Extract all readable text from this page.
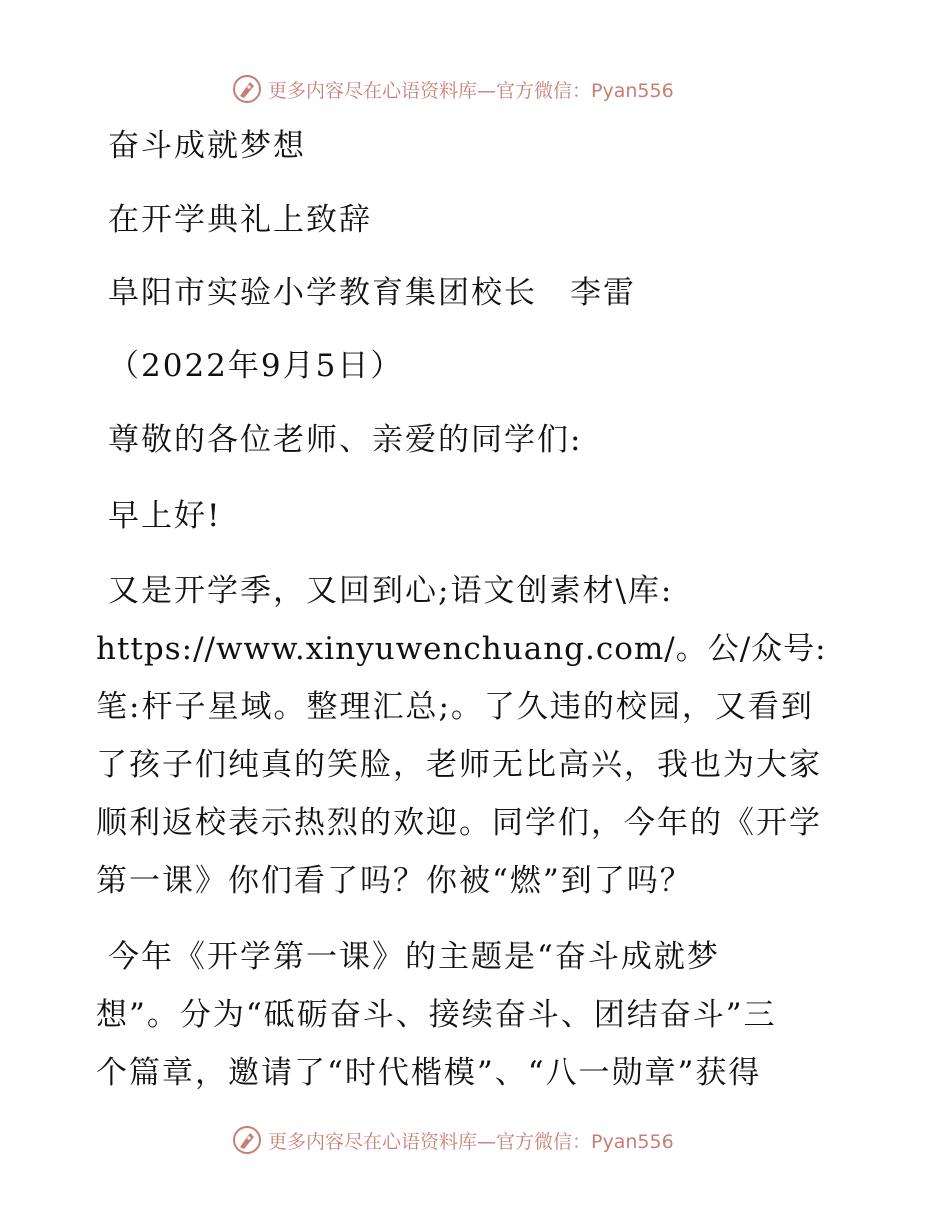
更多内容尽在心语资料库—官方微信：Pyan556
奋斗成就梦想
在开学典礼上致辞
阜阳市实验小学教育集团校长　李雷
（2022年9月5日）
尊敬的各位老师、亲爱的同学们:
早上好!
又是开学季，又回到心;语文创素材\库:
https://www.xinyuwenchuang.com/。公/众号:
笔:杆子星域。整理汇总;。了久违的校园，又看到
了孩子们纯真的笑脸，老师无比高兴，我也为大家
顺利返校表示热烈的欢迎。同学们，今年的《开学
第一课》你们看了吗？你被“燃”到了吗？
今年《开学第一课》的主题是“奋斗成就梦
想”。分为“砥砺奋斗、接续奋斗、团结奋斗”三
个篇章，邀请了“时代楷模”、“八一勋章”获得
更多内容尽在心语资料库—官方微信：Pyan556
